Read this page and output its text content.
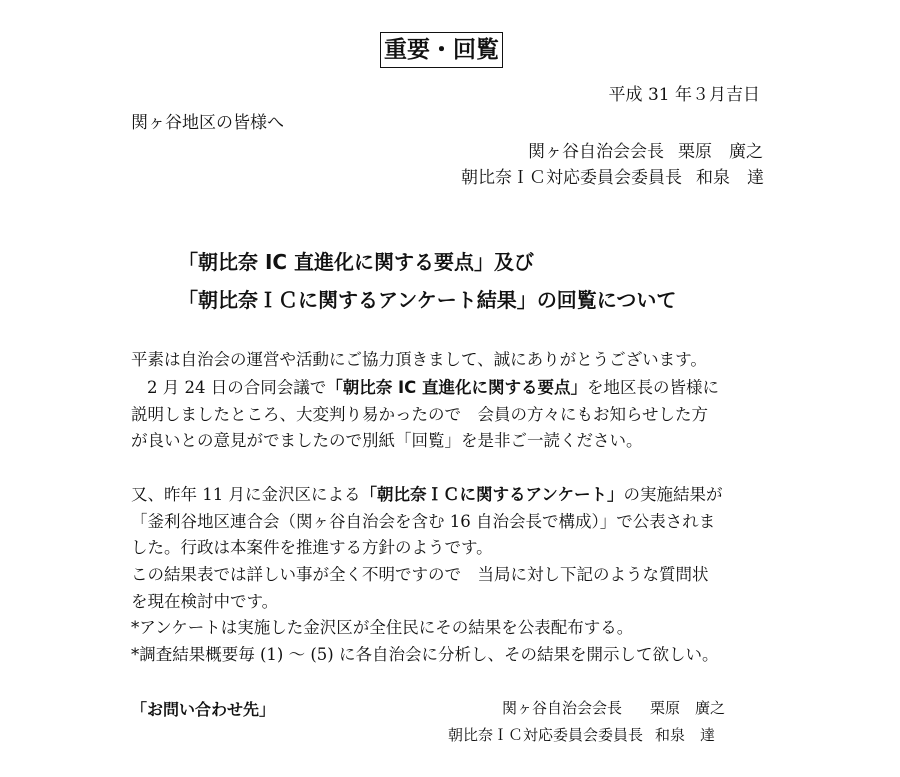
重要・回覧
平成 31 年３月吉日
関ヶ谷地区の皆様へ
関ヶ谷自治会会長 栗原　廣之
朝比奈ＩＣ対応委員会委員長 和泉　達
「朝比奈 IC 直進化に関する要点」及び
「朝比奈ＩＣに関するアンケート結果」の回覧について
平素は自治会の運営や活動にご協力頂きまして、誠にありがとうございます。
2 月 24 日の合同会議で「朝比奈 IC 直進化に関する要点」を地区長の皆様に
説明しましたところ、大変判り易かったので　会員の方々にもお知らせした方
が良いとの意見がでましたので別紙「回覧」を是非ご一読ください。
又、昨年 11 月に金沢区による「朝比奈ＩＣに関するアンケート」の実施結果が
「釜利谷地区連合会（関ヶ谷自治会を含む 16 自治会長で構成）」で公表されま
した。行政は本案件を推進する方針のようです。
この結果表では詳しい事が全く不明ですので　当局に対し下記のような質問状
を現在検討中です。
*アンケートは実施した金沢区が全住民にその結果を公表配布する。
*調査結果概要毎 (1) ～ (5) に各自治会に分析し、その結果を開示して欲しい。
「お問い合わせ先」	関ヶ谷自治会会長 栗原　廣之
朝比奈ＩＣ対応委員会委員長 和泉　達
